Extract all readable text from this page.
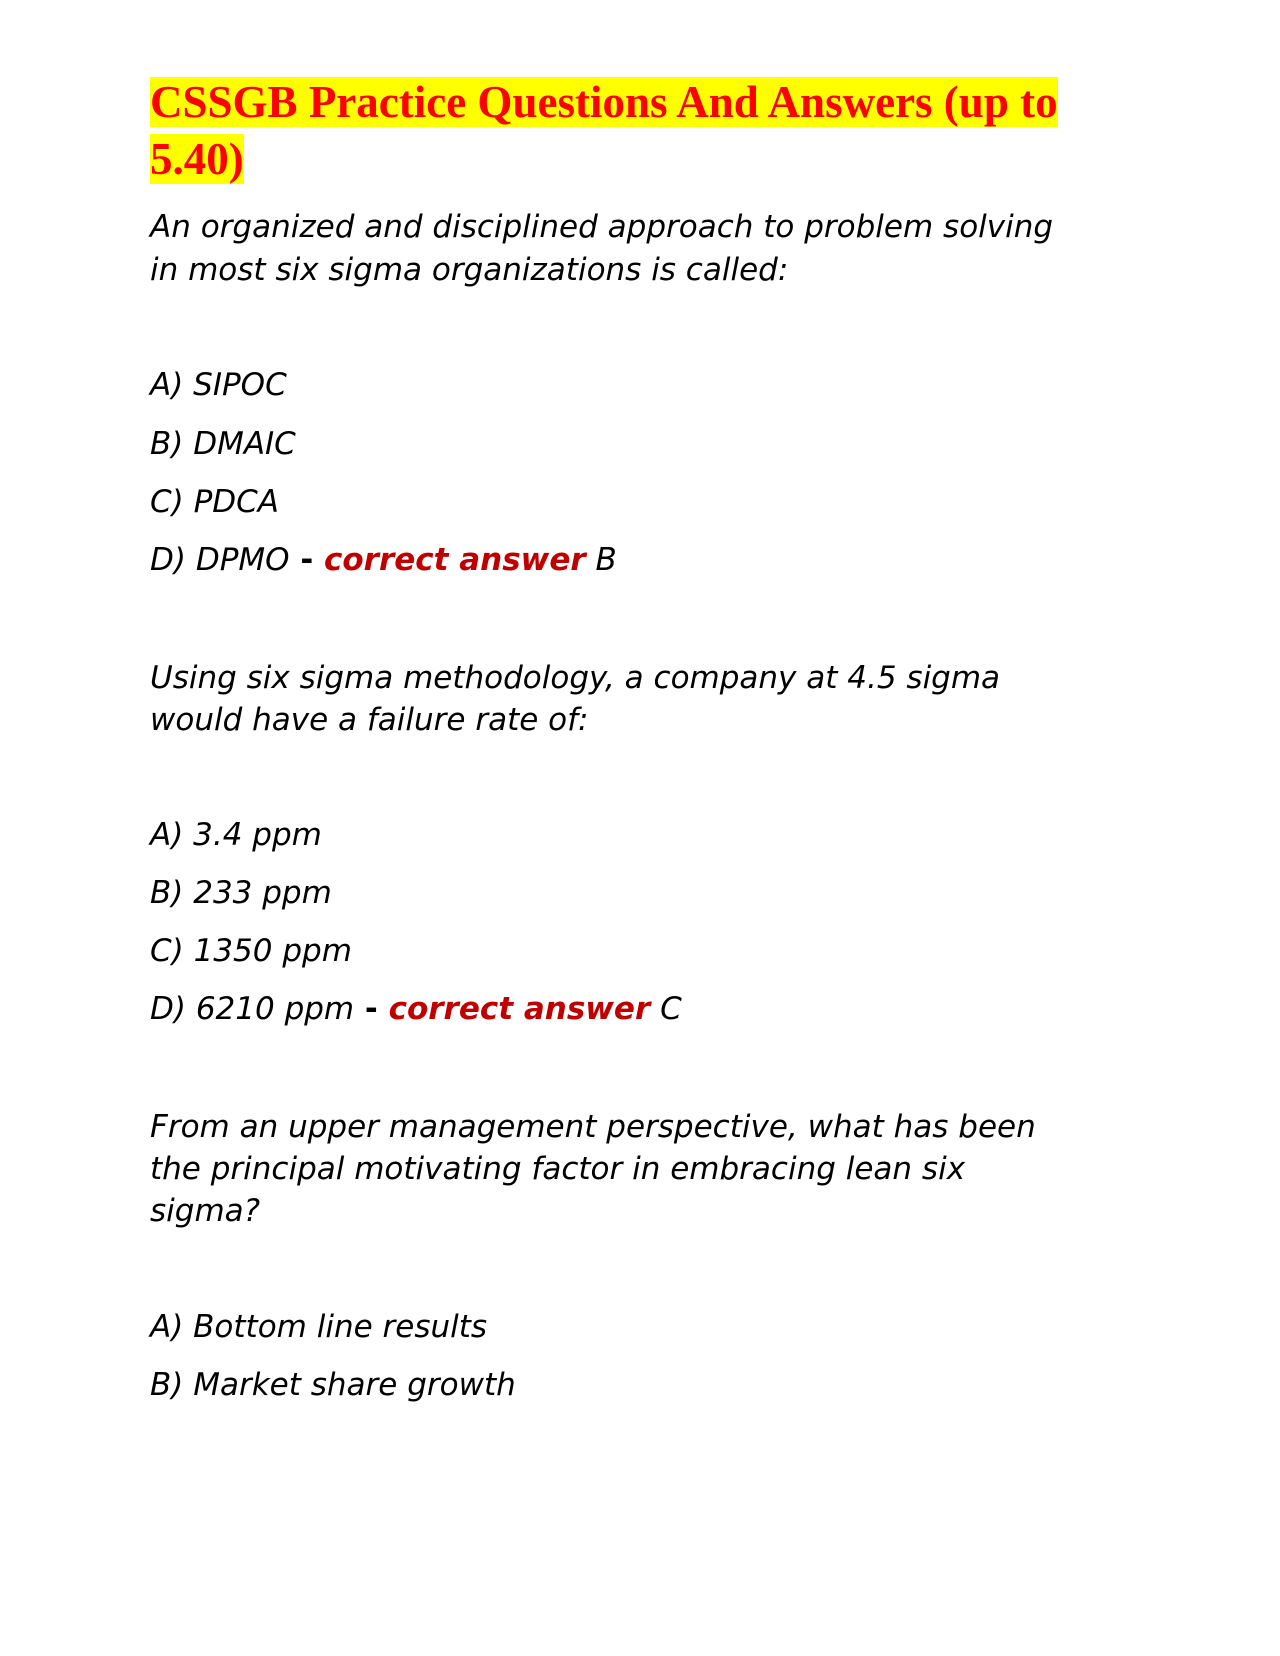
CSSGB Practice Questions And Answers (up to 5.40)

An organized and disciplined approach to problem solving

in most six sigma organizations is called:

A) SIPOC

B) DMAIC

C) PDCA

D) DPMO - correct answer B

Using six sigma methodology, a company at 4.5 sigma

would have a failure rate of:

A) 3.4 ppm

B) 233 ppm

C) 1350 ppm

D) 6210 ppm - correct answer C

From an upper management perspective, what has been

the principal motivating factor in embracing lean six

sigma?

A) Bottom line results

B) Market share growth
